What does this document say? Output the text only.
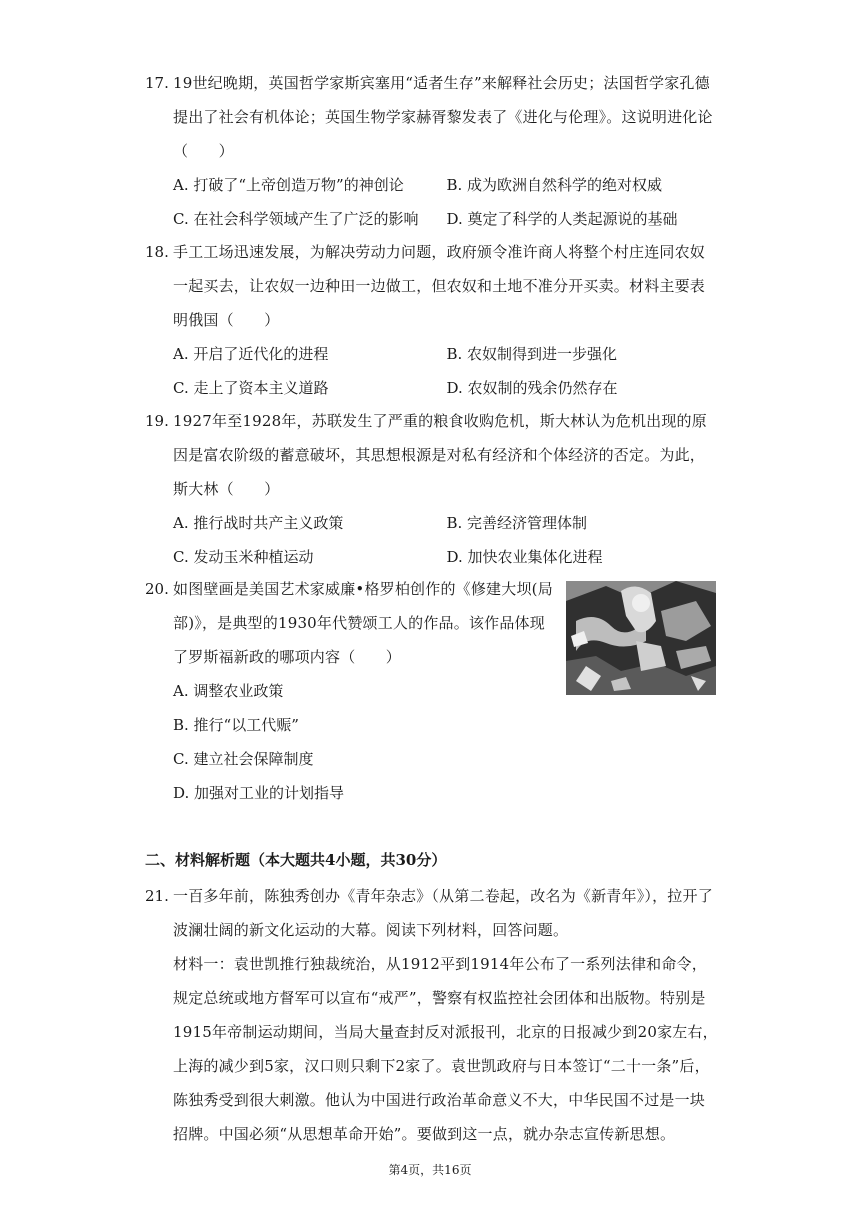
17. 19世纪晚期，英国哲学家斯宾塞用“适者生存”来解释社会历史；法国哲学家孔德提出了社会有机体论；英国生物学家赫胥黎发表了《进化与伦理》。这说明进化论（　　）
A. 打破了“上帝创造万物”的神创论	B. 成为欧洲自然科学的绝对权威
C. 在社会科学领域产生了广泛的影响	D. 奠定了科学的人类起源说的基础
18. 手工工场迅速发展，为解决劳动力问题，政府颁令准许商人将整个村庄连同农奴一起买去，让农奴一边种田一边做工，但农奴和土地不准分开买卖。材料主要表明俄国（　　）
A. 开启了近代化的进程	B. 农奴制得到进一步强化
C. 走上了资本主义道路	D. 农奴制的残余仍然存在
19. 1927年至1928年，苏联发生了严重的粮食收购危机，斯大林认为危机出现的原因是富农阶级的蓄意破坏，其思想根源是对私有经济和个体经济的否定。为此，斯大林（　　）
A. 推行战时共产主义政策	B. 完善经济管理体制
C. 发动玉米种植运动	D. 加快农业集体化进程
20. 如图壁画是美国艺术家威廉•格罗柏创作的《修建大坝(局部)》，是典型的1930年代赞颂工人的作品。该作品体现了罗斯福新政的哪项内容（　　）
A. 调整农业政策
B. 推行“以工代赈”
C. 建立社会保障制度
D. 加强对工业的计划指导
二、材料解析题（本大题共4小题，共30分）
21. 一百多年前，陈独秀创办《青年杂志》（从第二卷起，改名为《新青年》），拉开了波澜壮阔的新文化运动的大幕。阅读下列材料，回答问题。
材料一：袁世凯推行独裁统治，从1912平到1914年公布了一系列法律和命令，规定总统或地方督军可以宣布“戒严”，警察有权监控社会团体和出版物。特别是1915年帝制运动期间，当局大量查封反对派报刊，北京的日报减少到20家左右，上海的减少到5家，汉口则只剩下2家了。袁世凯政府与日本签订“二十一条”后，陈独秀受到很大刺激。他认为中国进行政治革命意义不大，中华民国不过是一块招牌。中国必须“从思想革命开始”。要做到这一点，就办杂志宣传新思想。
第4页，共16页
